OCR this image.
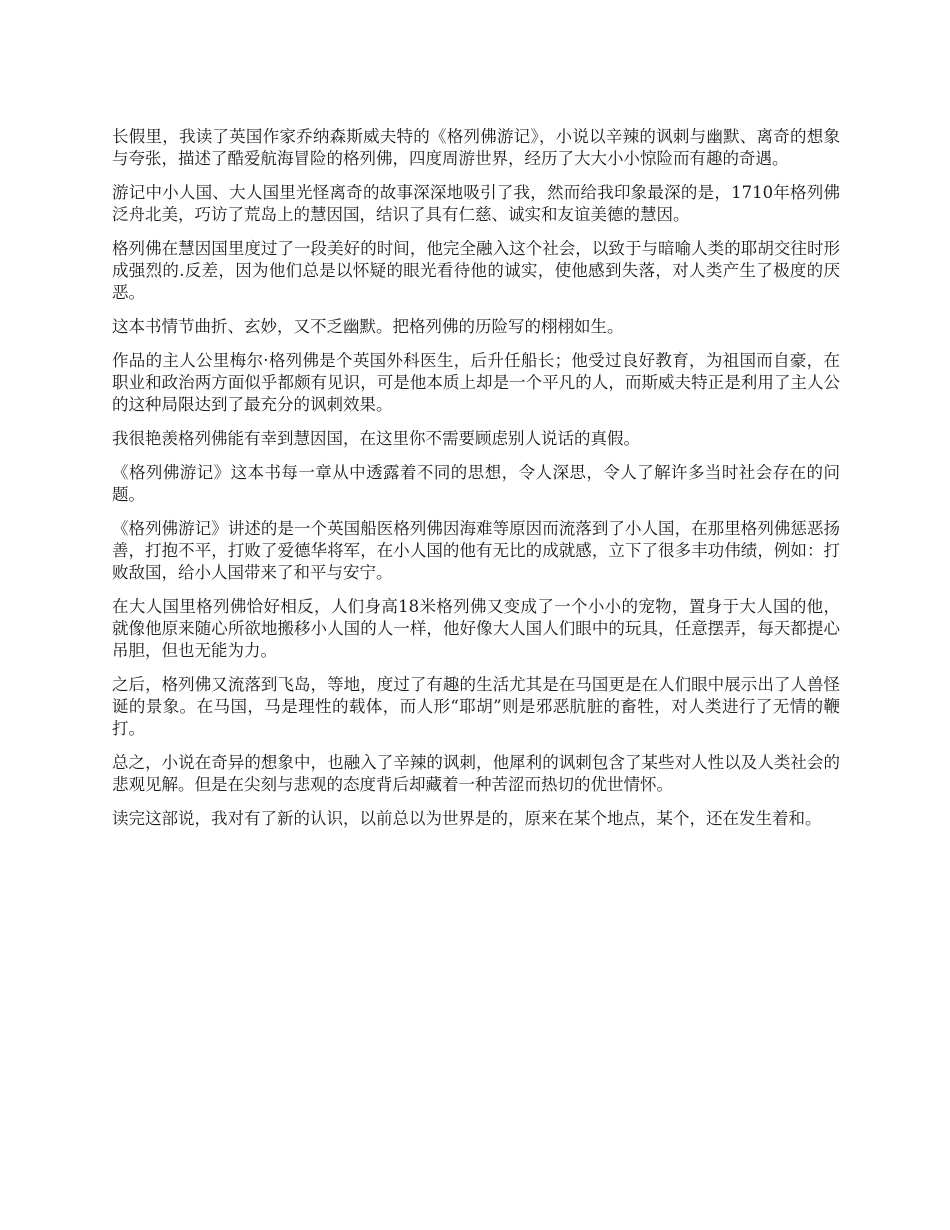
长假里，我读了英国作家乔纳森斯威夫特的《格列佛游记》，小说以辛辣的讽刺与幽默、离奇的想象与夸张，描述了酷爱航海冒险的格列佛，四度周游世界，经历了大大小小惊险而有趣的奇遇。

游记中小人国、大人国里光怪离奇的故事深深地吸引了我，然而给我印象最深的是，1710年格列佛泛舟北美，巧访了荒岛上的慧因国，结识了具有仁慈、诚实和友谊美德的慧因。

格列佛在慧因国里度过了一段美好的时间，他完全融入这个社会，以致于与暗喻人类的耶胡交往时形成强烈的.反差，因为他们总是以怀疑的眼光看待他的诚实，使他感到失落，对人类产生了极度的厌恶。

这本书情节曲折、玄妙，又不乏幽默。把格列佛的历险写的栩栩如生。

作品的主人公里梅尔·格列佛是个英国外科医生，后升任船长；他受过良好教育，为祖国而自豪，在职业和政治两方面似乎都颇有见识，可是他本质上却是一个平凡的人，而斯威夫特正是利用了主人公的这种局限达到了最充分的讽刺效果。

我很艳羡格列佛能有幸到慧因国，在这里你不需要顾虑别人说话的真假。

《格列佛游记》这本书每一章从中透露着不同的思想，令人深思，令人了解许多当时社会存在的问题。

《格列佛游记》讲述的是一个英国船医格列佛因海难等原因而流落到了小人国，在那里格列佛惩恶扬善，打抱不平，打败了爱德华将军，在小人国的他有无比的成就感，立下了很多丰功伟绩，例如：打败敌国，给小人国带来了和平与安宁。

在大人国里格列佛恰好相反，人们身高18米格列佛又变成了一个小小的宠物，置身于大人国的他，就像他原来随心所欲地搬移小人国的人一样，他好像大人国人们眼中的玩具，任意摆弄，每天都提心吊胆，但也无能为力。

之后，格列佛又流落到飞岛，等地，度过了有趣的生活尤其是在马国更是在人们眼中展示出了人兽怪诞的景象。在马国，马是理性的载体，而人形“耶胡”则是邪恶肮脏的畜牲，对人类进行了无情的鞭打。

总之，小说在奇异的想象中，也融入了辛辣的讽刺，他犀利的讽刺包含了某些对人性以及人类社会的悲观见解。但是在尖刻与悲观的态度背后却藏着一种苦涩而热切的优世情怀。

读完这部说，我对有了新的认识，以前总以为世界是的，原来在某个地点，某个，还在发生着和。
